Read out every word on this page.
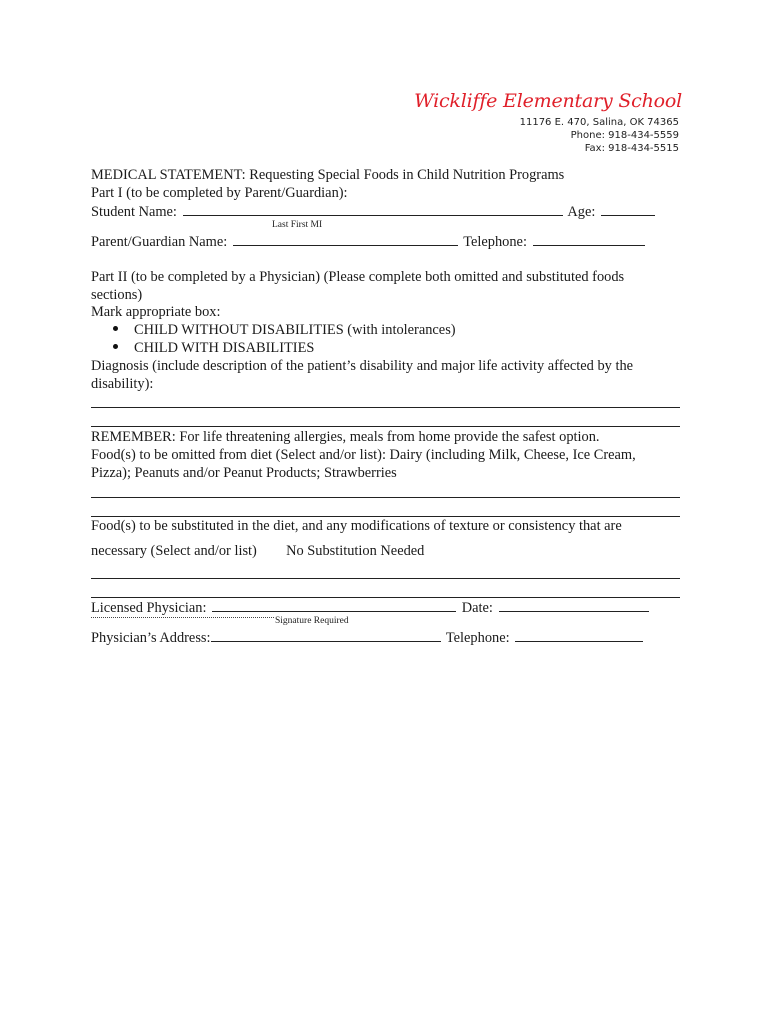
Wickliffe Elementary School
11176 E. 470, Salina, OK 74365
Phone: 918-434-5559
Fax: 918-434-5515
MEDICAL STATEMENT: Requesting Special Foods in Child Nutrition Programs
Part I (to be completed by Parent/Guardian):
Student Name:	Age:
Last First MI
Parent/Guardian Name:	Telephone:
Part II (to be completed by a Physician) (Please complete both omitted and substituted foods
sections)
Mark appropriate box:
CHILD WITHOUT DISABILITIES (with intolerances)
CHILD WITH DISABILITIES
Diagnosis (include description of the patient’s disability and major life activity affected by the
disability):
REMEMBER: For life threatening allergies, meals from home provide the safest option.
Food(s) to be omitted from diet (Select and/or list): Dairy (including Milk, Cheese, Ice Cream,
Pizza); Peanuts and/or Peanut Products; Strawberries
Food(s) to be substituted in the diet, and any modifications of texture or consistency that are
necessary (Select and/or list) No Substitution Needed
Licensed Physician:	Date:
Signature Required
Physician’s Address:	Telephone:
